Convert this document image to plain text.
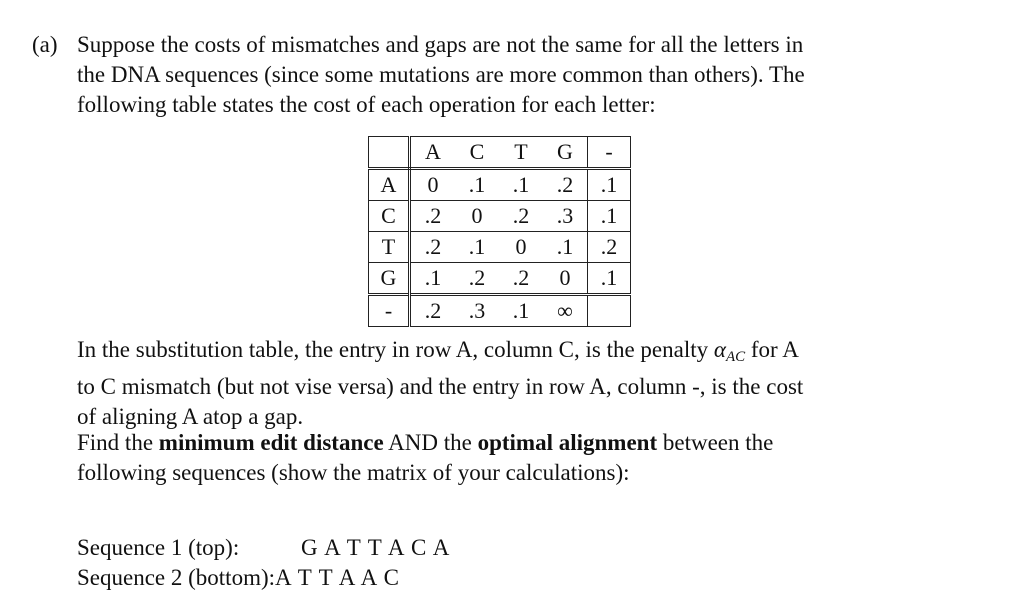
(a) Suppose the costs of mismatches and gaps are not the same for all the letters in
the DNA sequences (since some mutations are more common than others). The
following table states the cost of each operation for each letter:
	A	C	T	G	-
A	0	.1	.1	.2	.1
C	.2	0	.2	.3	.1
T	.2	.1	0	.1	.2
G	.1	.2	.2	0	.1
-	.2	.3	.1	∞	
In the substitution table, the entry in row A, column C, is the penalty $\alpha_{AC}$ for A
to C mismatch (but not vise versa) and the entry in row A, column -, is the cost
of aligning A atop a gap.
Find the minimum edit distance AND the optimal alignment between the
following sequences (show the matrix of your calculations):
Sequence 1 (top):	G A T T A C A
Sequence 2 (bottom):A T T A A C
